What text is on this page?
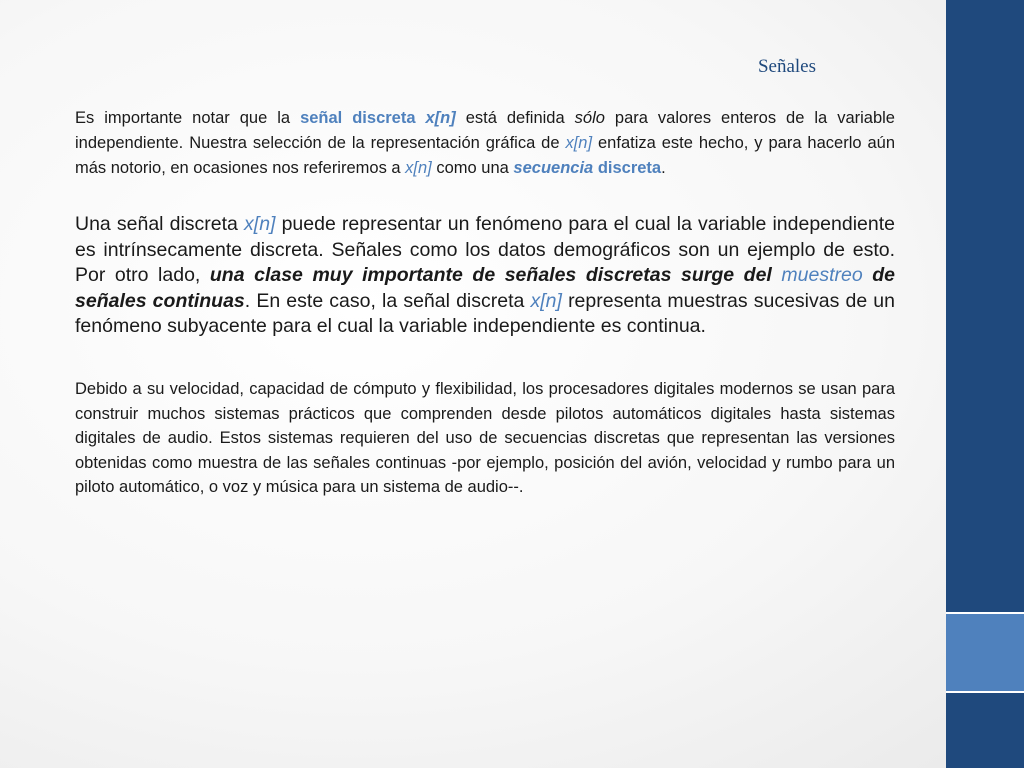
Señales

Es importante notar que la señal discreta x[n] está definida sólo para valores enteros de la variable independiente. Nuestra selección de la representación gráfica de x[n] enfatiza este hecho, y para hacerlo aún más notorio, en ocasiones nos referiremos a x[n] como una secuencia discreta.

Una señal discreta x[n] puede representar un fenómeno para el cual la variable independiente es intrínsecamente discreta. Señales como los datos demográficos son un ejemplo de esto. Por otro lado, una clase muy importante de señales discretas surge del muestreo de señales continuas. En este caso, la señal discreta x[n] representa muestras sucesivas de un fenómeno subyacente para el cual la variable independiente es continua.

Debido a su velocidad, capacidad de cómputo y flexibilidad, los procesadores digitales modernos se usan para construir muchos sistemas prácticos que comprenden desde pilotos automáticos digitales hasta sistemas digitales de audio. Estos sistemas requieren del uso de secuencias discretas que representan las versiones obtenidas como muestra de las señales continuas -por ejemplo, posición del avión, velocidad y rumbo para un piloto automático, o voz y música para un sistema de audio--.
